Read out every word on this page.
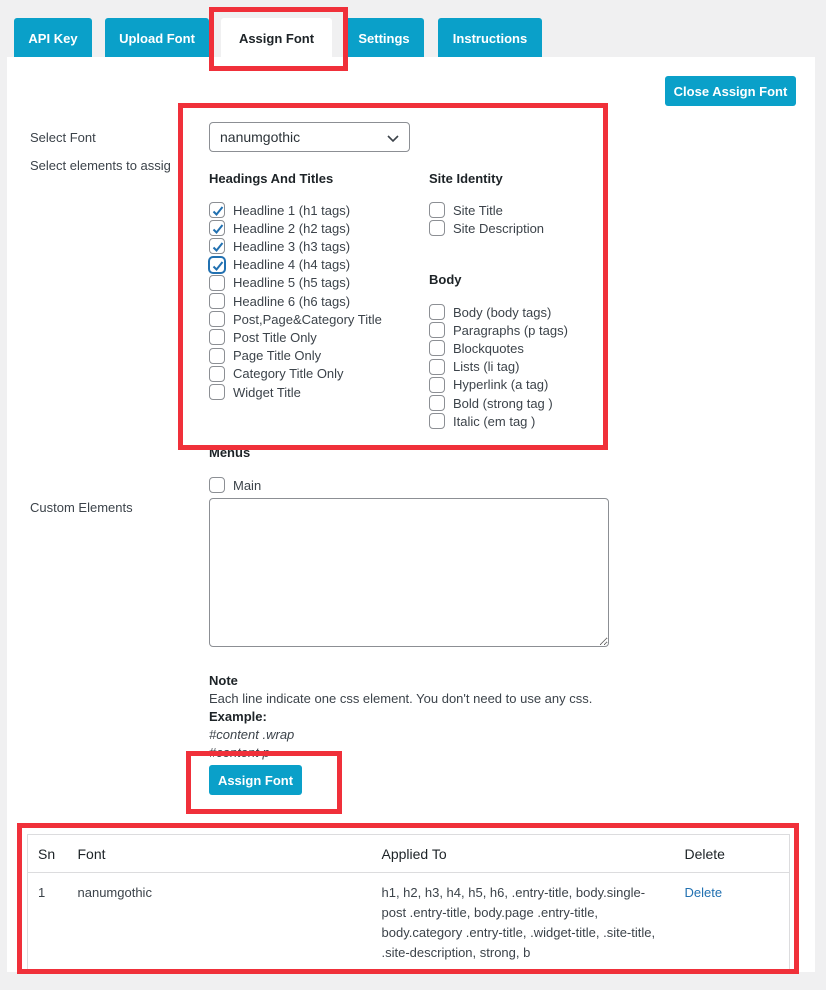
API Key	Upload Font	Assign Font	Settings	Instructions
Close Assign Font
Select Font
Select elements to assig
nanumgothic
Headings And Titles
Headline 1 (h1 tags)
Headline 2 (h2 tags)
Headline 3 (h3 tags)
Headline 4 (h4 tags)
Headline 5 (h5 tags)
Headline 6 (h6 tags)
Post,Page&Category Title
Post Title Only
Page Title Only
Category Title Only
Widget Title
Site Identity
Site Title
Site Description
Body
Body (body tags)
Paragraphs (p tags)
Blockquotes
Lists (li tag)
Hyperlink (a tag)
Bold (strong tag )
Italic (em tag )
Menus
Main
Custom Elements
Note
Each line indicate one css element. You don't need to use any css.
Example:
#content .wrap
#content p
Assign Font
Sn	Font	Applied To	Delete
1	nanumgothic	h1, h2, h3, h4, h5, h6, .entry-title, body.single-post .entry-title, body.page .entry-title, body.category .entry-title, .widget-title, .site-title, .site-description, strong, b	Delete
